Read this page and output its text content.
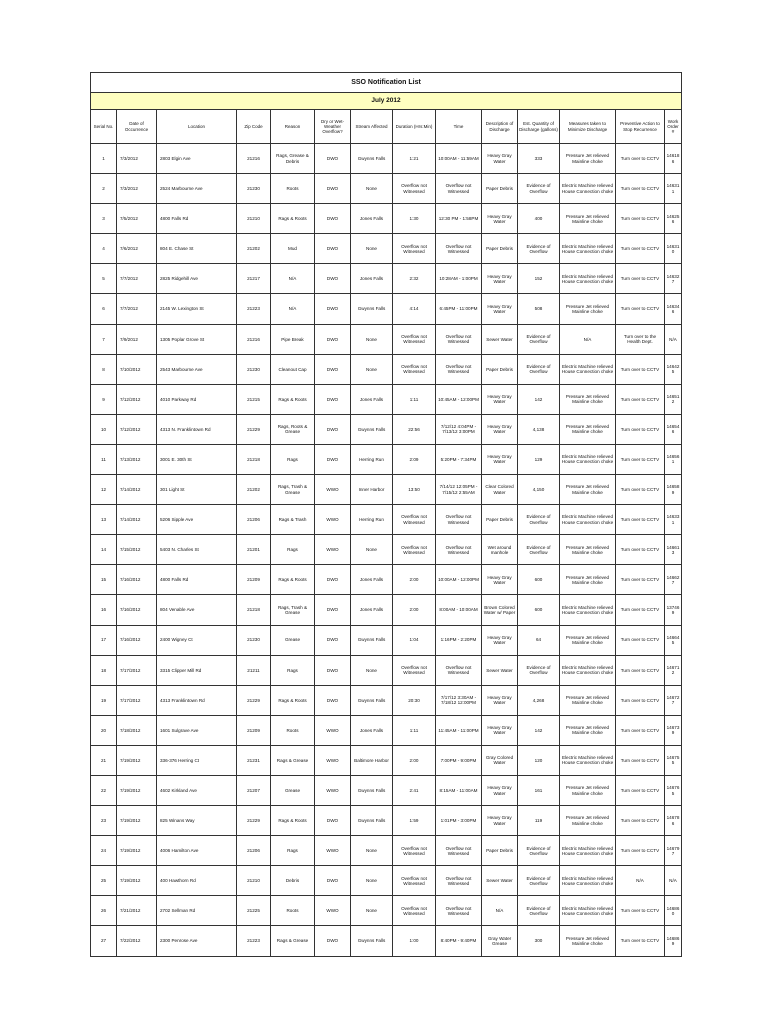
SSO Notification List													
July 2012													
Serial No.	Date of Occurrence	Location	Zip Code	Reason	Dry or Wet-Weather Overflow?	Stream Affected	Duration (Hrs:Min)	Time	Description of Discharge	Est. Quantity of Discharge (gallons)	Measures taken to Minimize Discharge	Preventive Action to Stop Recurrence	Work Order #
1	7/3/2012	2803 Elgin Ave	21216	Rags, Grease & Debris	DWO	Gwynns Falls	1:21	10:00AM - 11:59AM	Heavy Gray Water	333	Pressure Jet relieved Mainline choke	Turn over to CCTV	146186
2	7/3/2012	2524 Marbourne Ave	21230	Roots	DWO	None	Overflow not Witnessed	Overflow not Witnessed	Paper Debris	Evidence of Overflow	Electric Machine relieved House Connection choke	Turn over to CCTV	146311
3	7/5/2012	4800 Falls Rd	21210	Rags & Roots	DWO	Jones Falls	1:30	12:30 PM - 1:58PM	Heavy Gray Water	400	Pressure Jet relieved Mainline choke	Turn over to CCTV	146256
4	7/6/2012	804 E. Chase St	21202	Mud	DWO	None	Overflow not Witnessed	Overflow not Witnessed	Paper Debris	Evidence of Overflow	Electric Machine relieved House Connection choke	Turn over to CCTV	146310
5	7/7/2012	2825 Ridgehill Ave	21217	N/A	DWO	Jones Falls	2:32	10:28AM - 1:00PM	Heavy Gray Water	152	Electric Machine relieved House Connection choke	Turn over to CCTV	146327
6	7/7/2012	2145 W. Lexington St	21223	N/A	DWO	Gwynns Falls	4:14	6:45PM - 11:00PM	Heavy Gray Water	508	Pressure Jet relieved Mainline choke	Turn over to CCTV	146346
7	7/9/2012	1305 Poplar Grove St	21216	Pipe Break	DWO	None	Overflow not Witnessed	Overflow not Witnessed	Sewer Water	Evidence of Overflow	N/A	Turn over to the Health Dept.	N/A
8	7/10/2012	2543 Marbourne Ave	21230	Cleanout Cap	DWO	None	Overflow not Witnessed	Overflow not Witnessed	Paper Debris	Evidence of Overflow	Electric Machine relieved House Connection choke	Turn over to CCTV	146425
9	7/12/2012	4010 Parkway Rd	21215	Rags & Roots	DWO	Jones Falls	1:11	10:45AM - 12:00PM	Heavy Gray Water	142	Pressure Jet relieved Mainline choke	Turn over to CCTV	146512
10	7/12/2012	4313 N. Franklintown Rd	21229	Rags, Roots & Grease	DWO	Gwynns Falls	22:56	7/12/12 4:04PM - 7/13/12 3:00PM	Heavy Gray Water	4,138	Pressure Jet relieved Mainline choke	Turn over to CCTV	146546
11	7/13/2012	3001 E. 30th St	21218	Rags	DWO	Herring Run	2:09	5:20PM - 7:34PM	Heavy Gray Water	129	Electric Machine relieved House Connection choke	Turn over to CCTV	146561
12	7/14/2012	301 Light St	21202	Rags, Trash & Grease	WWO	Inner Harbor	13:50	7/14/12 12:05PM - 7/15/12 2:55AM	Clear Colored Water	4,150	Pressure Jet relieved Mainline choke	Turn over to CCTV	146589
13	7/14/2012	5206 Sipple Ave	21206	Rags & Trash	WWO	Herring Run	Overflow not Witnessed	Overflow not Witnessed	Paper Debris	Evidence of Overflow	Electric Machine relieved House Connection choke	Turn over to CCTV	146331
14	7/15/2012	5403 N. Charles St	21201	Rags	WWO	None	Overflow not Witnessed	Overflow not Witnessed	Wet around manhole	Evidence of Overflow	Pressure Jet relieved Mainline choke	Turn over to CCTV	146613
15	7/16/2012	4800 Falls Rd	21209	Rags & Roots	DWO	Jones Falls	2:00	10:00AM - 12:00PM	Heavy Gray Water	600	Pressure Jet relieved Mainline choke	Turn over to CCTV	146627
16	7/16/2012	804 Venable Ave	21218	Rags, Trash & Grease	DWO	Jones Falls	2:00	8:00AM - 10:00AM	Brown Colored Water w/ Paper	600	Electric Machine relieved House Connection choke	Turn over to CCTV	137469
17	7/16/2012	2400 Wigney Ct	21230	Grease	DWO	Gwynns Falls	1:04	1:16PM - 2:20PM	Heavy Gray Water	64	Pressure Jet relieved Mainline choke	Turn over to CCTV	146645
18	7/17/2012	3315 Clipper Mill Rd	21211	Rags	DWO	None	Overflow not Witnessed	Overflow not Witnessed	Sewer Water	Evidence of Overflow	Electric Machine relieved House Connection choke	Turn over to CCTV	146712
19	7/17/2012	4313 Franklintown Rd	21229	Rags & Roots	DWO	Gwynns Falls	20:30	7/17/12 3:30AM - 7/18/12 12:00PM	Heavy Gray Water	4,268	Pressure Jet relieved Mainline choke	Turn over to CCTV	146727
20	7/18/2012	1601 Sulgrave Ave	21209	Roots	WWO	Jones Falls	1:11	11:45AM - 11:00PM	Heavy Gray Water	142	Pressure Jet relieved Mainline choke	Turn over to CCTV	146739
21	7/19/2012	336-376 Herring Ct	21231	Rags & Grease	WWO	Baltimore Harbor	2:00	7:00PM - 9:00PM	Gray Colored Water	120	Electric Machine relieved House Connection choke	Turn over to CCTV	146755
22	7/19/2012	4602 Kirkland Ave	21207	Grease	WWO	Gwynns Falls	2:41	8:15AM - 11:00AM	Heavy Gray Water	161	Pressure Jet relieved Mainline choke	Turn over to CCTV	146765
23	7/19/2012	825 Winans Way	21229	Rags & Roots	DWO	Gwynns Falls	1:59	1:01PM - 3:00PM	Heavy Gray Water	119	Pressure Jet relieved Mainline choke	Turn over to CCTV	146786
24	7/19/2012	4006 Hamilton Ave	21206	Rags	WWO	None	Overflow not Witnessed	Overflow not Witnessed	Paper Debris	Evidence of Overflow	Electric Machine relieved House Connection choke	Turn over to CCTV	146797
25	7/19/2012	400 Hawthorn Rd	21210	Debris	DWO	None	Overflow not Witnessed	Overflow not Witnessed	Sewer Water	Evidence of Overflow	Electric Machine relieved House Connection choke	N/A	N/A
26	7/21/2012	2702 Sellman Rd	21225	Roots	WWO	None	Overflow not Witnessed	Overflow not Witnessed	N/A	Evidence of Overflow	Electric Machine relieved House Connection choke	Turn over to CCTV	146860
27	7/22/2012	2300 Penrose Ave	21223	Rags & Grease	DWO	Gwynns Falls	1:00	8:40PM - 9:40PM	Gray Water Grease	300	Pressure Jet relieved Mainline choke	Turn over to CCTV	146869
